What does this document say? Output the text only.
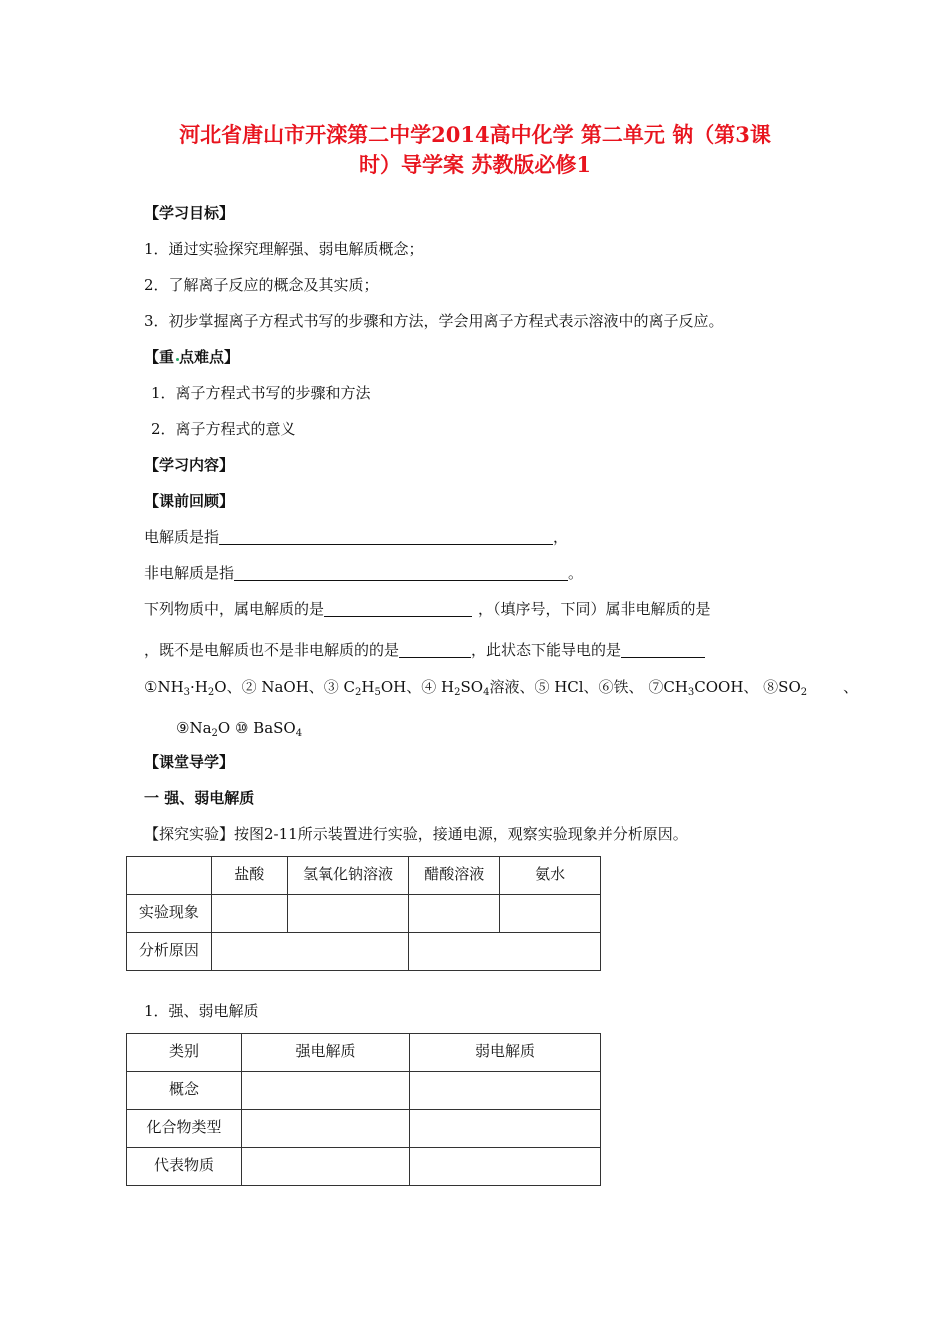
河北省唐山市开滦第二中学2014高中化学 第二单元 钠（第3课
时）导学案 苏教版必修1
【学习目标】
1．通过实验探究理解强、弱电解质概念；
2．了解离子反应的概念及其实质；
3．初步掌握离子方程式书写的步骤和方法，学会用离子方程式表示溶液中的离子反应。
【重 点难点】
1．离子方程式书写的步骤和方法
2．离子方程式的意义
【学习内容】
【课前回顾】
电解质是指	，
非电解质是指	。
下列物质中，属电解质的是	，（填序号，下同）属非电解质的是
，既不是电解质也不是非电解质的的是	，此状态下能导电的是
$①NH_3\cdot H_2O$、② NaOH、③ $C_2H_5OH$、④ $H_2SO_4$溶液、⑤ HCl、⑥铁、 $⑦CH_3COOH$、 $⑧SO_2$ 、
$⑨Na_2O$ ⑩ BaSO$_4$
【课堂导学】
一 强、弱电解质
【探究实验】按图2-11所示装置进行实验，接通电源，观察实验现象并分析原因。
	盐酸	氢氧化钠溶液	醋酸溶液	氨水
实验现象				
分析原因				
1．强、弱电解质
类别	强电解质	弱电解质
概念		
化合物类型		
代表物质		
